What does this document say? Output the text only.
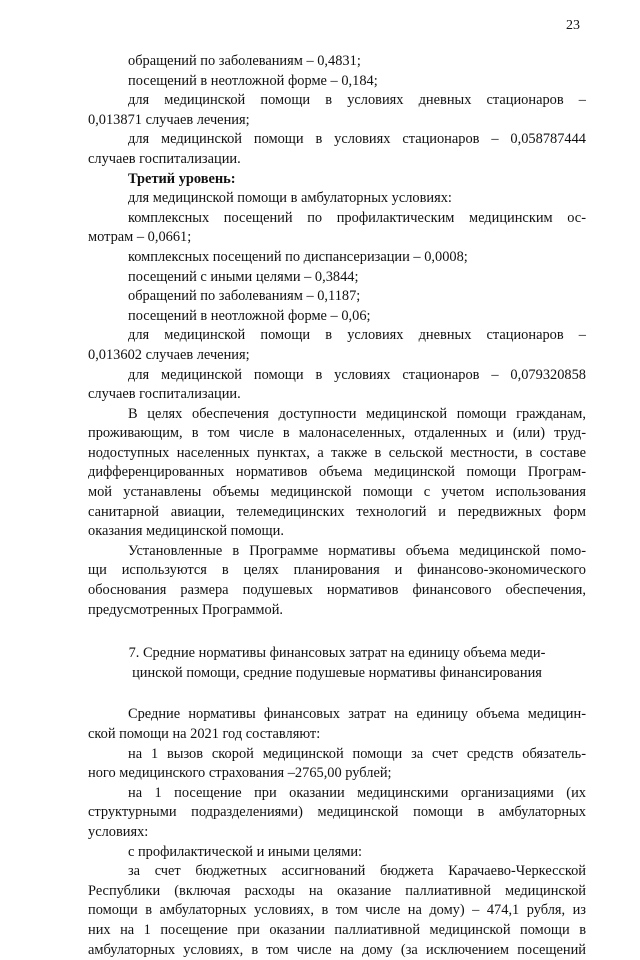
23
обращений по заболеваниям – 0,4831;
посещений в неотложной форме – 0,184;
для медицинской помощи в условиях дневных стационаров –
0,013871 случаев лечения;
для медицинской помощи в условиях стационаров – 0,058787444
случаев госпитализации.
Третий уровень:
для медицинской помощи в амбулаторных условиях:
комплексных посещений по профилактическим медицинским ос-
мотрам – 0,0661;
комплексных посещений по диспансеризации – 0,0008;
посещений с иными целями – 0,3844;
обращений по заболеваниям – 0,1187;
посещений в неотложной форме – 0,06;
для медицинской помощи в условиях дневных стационаров –
0,013602 случаев лечения;
для медицинской помощи в условиях стационаров – 0,079320858
случаев госпитализации.
В целях обеспечения доступности медицинской помощи гражданам,
проживающим, в том числе в малонаселенных, отдаленных и (или) труд-
нодоступных населенных пунктах, а также в сельской местности, в составе
дифференцированных нормативов объема медицинской помощи Програм-
мой устанавлены объемы медицинской помощи с учетом использования
санитарной авиации, телемедицинских технологий и передвижных форм
оказания медицинской помощи.
Установленные в Программе нормативы объема медицинской помо-
щи используются в целях планирования и финансово-экономического
обоснования размера подушевых нормативов финансового обеспечения,
предусмотренных Программой.
7. Средние нормативы финансовых затрат на единицу объема меди-
цинской помощи, средние подушевые нормативы финансирования
Средние нормативы финансовых затрат на единицу объема медицин-
ской помощи на 2021 год составляют:
на 1 вызов скорой медицинской помощи за счет средств обязатель-
ного медицинского страхования –2765,00 рублей;
на 1 посещение при оказании медицинскими организациями (их
структурными подразделениями) медицинской помощи в амбулаторных
условиях:
с профилактической и иными целями:
за счет бюджетных ассигнований бюджета Карачаево-Черкесской
Республики (включая расходы на оказание паллиативной медицинской
помощи в амбулаторных условиях, в том числе на дому) – 474,1 рубля, из
них на 1 посещение при оказании паллиативной медицинской помощи в
амбулаторных условиях, в том числе на дому (за исключением посещений
